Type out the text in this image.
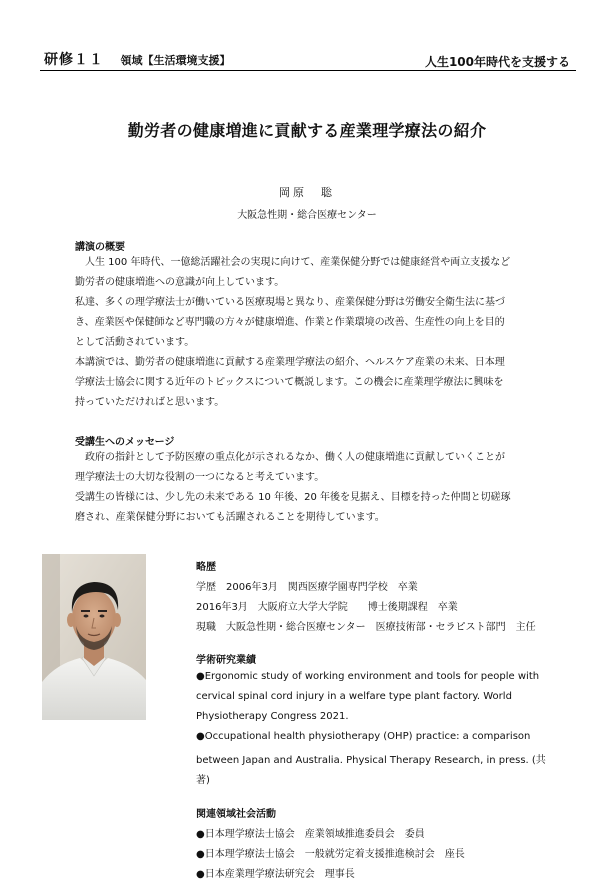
研修１１ 領域【生活環境支援】	人生100年時代を支援する
勤労者の健康増進に貢献する産業理学療法の紹介
岡原　聡
大阪急性期・総合医療センター
講演の概要
　人生 100 年時代、一億総活躍社会の実現に向けて、産業保健分野では健康経営や両立支援など
勤労者の健康増進への意識が向上しています。
私達、多くの理学療法士が働いている医療現場と異なり、産業保健分野は労働安全衛生法に基づ
き、産業医や保健師など専門職の方々が健康増進、作業と作業環境の改善、生産性の向上を目的
として活動されています。
本講演では、勤労者の健康増進に貢献する産業理学療法の紹介、ヘルスケア産業の未来、日本理
学療法士協会に関する近年のトピックスについて概説します。この機会に産業理学療法に興味を
持っていただければと思います。
受講生へのメッセージ
　政府の指針として予防医療の重点化が示されるなか、働く人の健康増進に貢献していくことが
理学療法士の大切な役割の一つになると考えています。
受講生の皆様には、少し先の未来である 10 年後、20 年後を見据え、目標を持った仲間と切磋琢
磨され、産業保健分野においても活躍されることを期待しています。
略歴
学歴　2006年3月　関西医療学園専門学校　卒業
2016年3月　大阪府立大学大学院　　博士後期課程　卒業
現職　大阪急性期・総合医療センター　医療技術部・セラピスト部門　主任
学術研究業績
●Ergonomic study of working environment and tools for people with
cervical spinal cord injury in a welfare type plant factory. World
Physiotherapy Congress 2021.
●Occupational health physiotherapy (OHP) practice: a comparison
between Japan and Australia. Physical Therapy Research, in press. (共
著)
関連領域社会活動
●日本理学療法士協会　産業領域推進委員会　委員
●日本理学療法士協会　一般就労定着支援推進検討会　座長
●日本産業理学療法研究会　理事長
